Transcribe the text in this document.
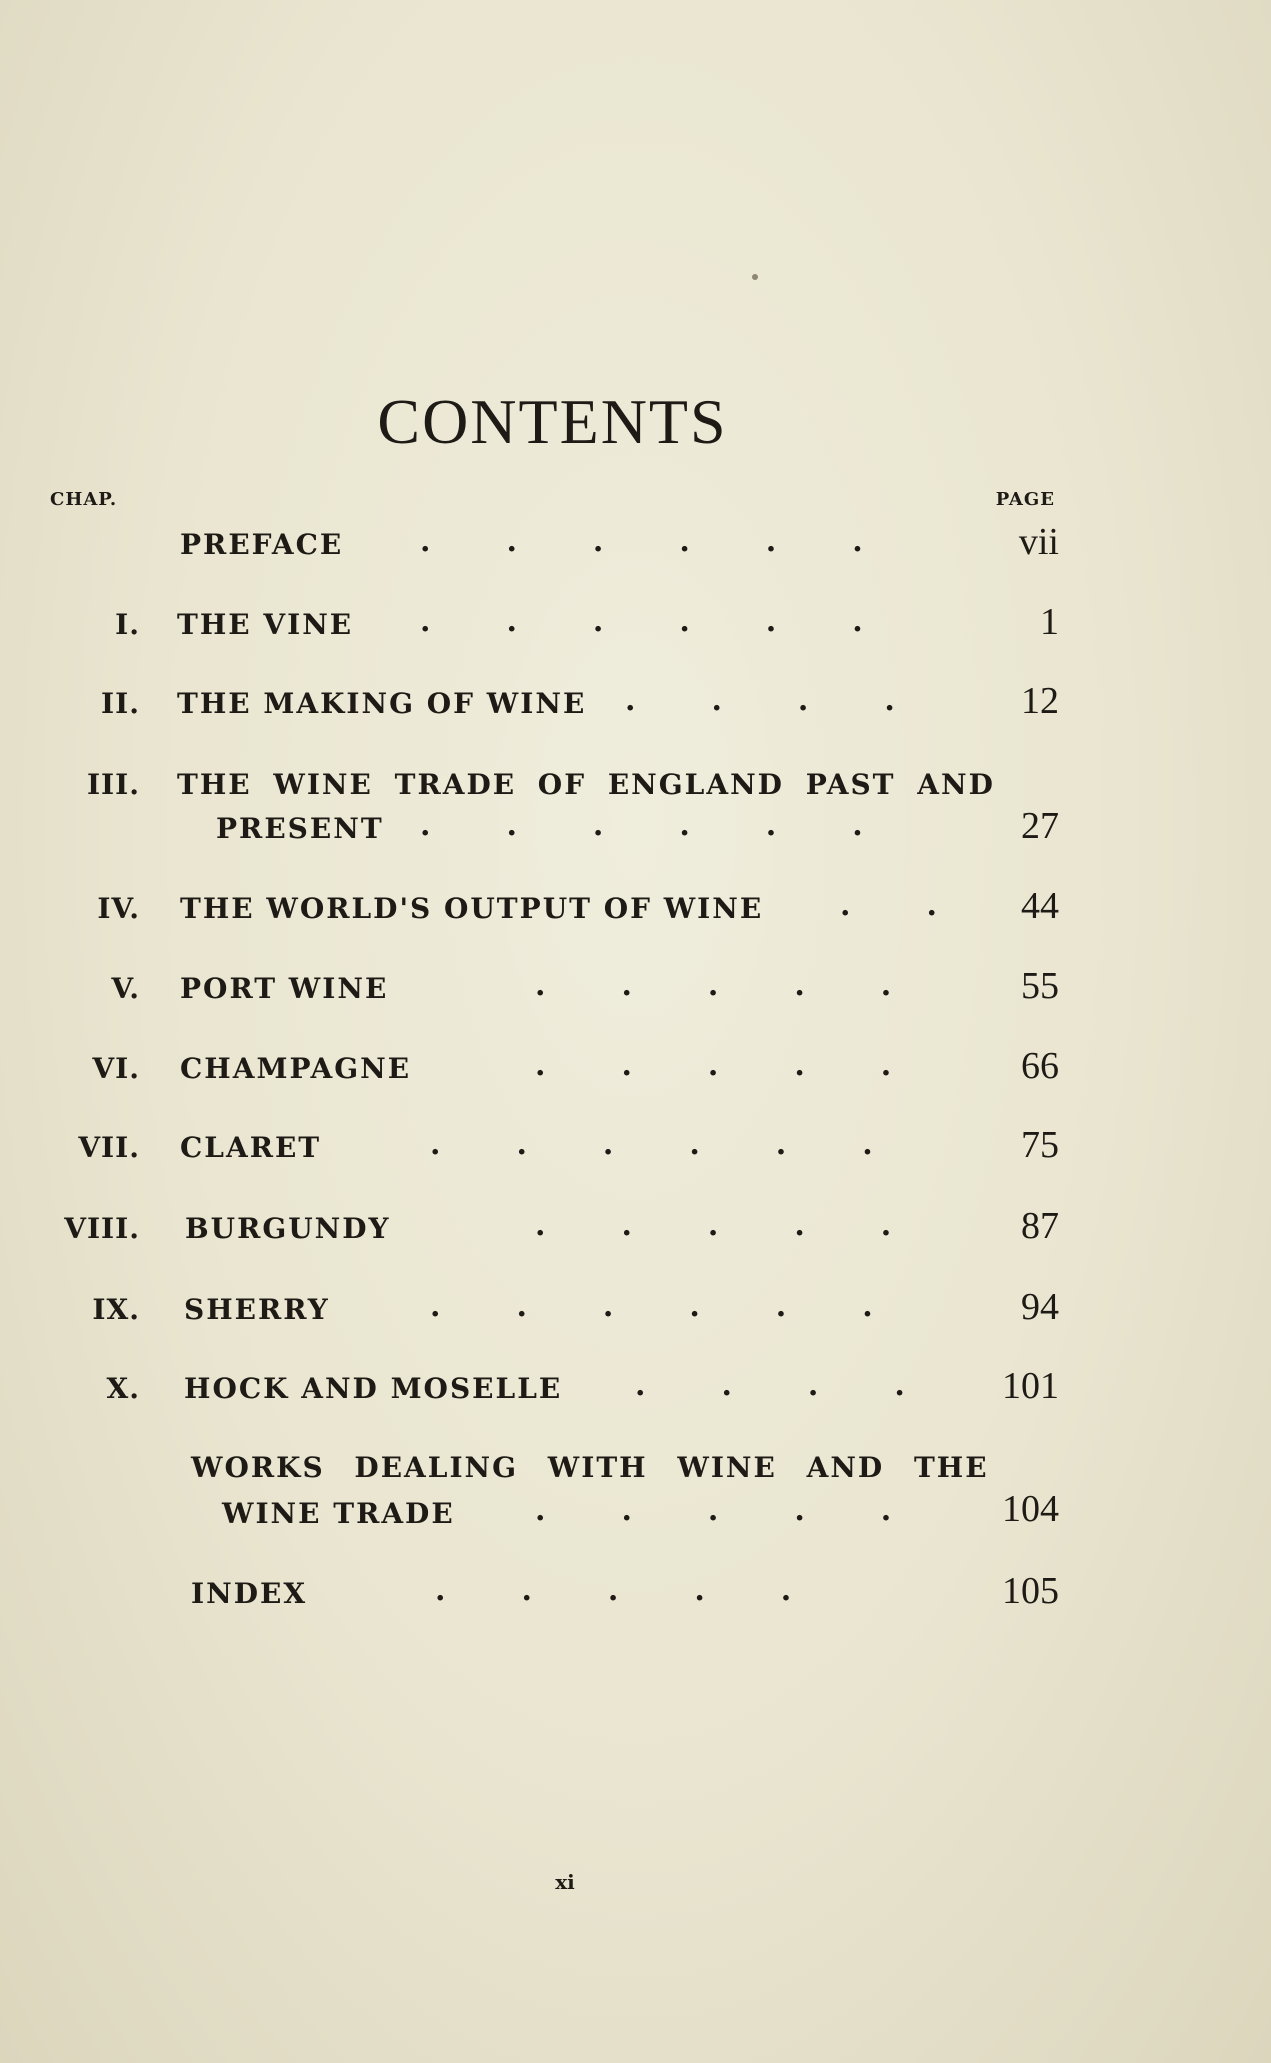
CONTENTS
CHAP.	PAGE
PREFACE	......	vii
I. THE VINE ......	1
II. THE MAKING OF WINE ....	12
III. THE WINE TRADE OF ENGLAND PAST AND
PRESENT ......	27
IV. THE WORLD'S OUTPUT OF WINE	.. 44
V. PORT WINE	.....	55
VI. CHAMPAGNE	.....	66
VII. CLARET	......	75
VIII. BURGUNDY	.....	87
IX. SHERRY	......	94
X. HOCK AND MOSELLE .... 101
WORKS DEALING WITH WINE AND THE
WINE TRADE	..... 104
INDEX	.....	105
xi
